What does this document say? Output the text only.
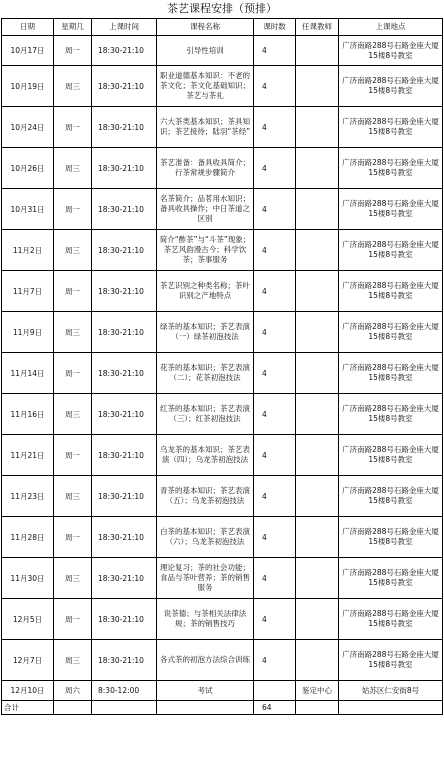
茶艺课程安排（预排）
日期	星期几	上课时间	课程名称	课时数	任课教师	上课地点
10月17日	周一	18:30-21:10	引导性培训	4		广济南路288号石路金座大厦15楼8号教室
10月19日	周三	18:30-21:10	职业道德基本知识：不老的茶文化；茶文化基础知识；茶艺与茶礼	4		广济南路288号石路金座大厦15楼8号教室
10月24日	周一	18:30-21:10	六大茶类基本知识；茶具知识；茶艺接待；陆羽“茶经”	4		广济南路288号石路金座大厦15楼8号教室
10月26日	周三	18:30-21:10	茶艺准备：备具收具简介；行茶常规步骤简介	4		广济南路288号石路金座大厦15楼8号教室
10月31日	周一	18:30-21:10	名茶简介；品茗用水知识；备具收具操作；中日茶道之区别	4		广济南路288号石路金座大厦15楼8号教室
11月2日	周三	18:30-21:10	简介“酢茶”与“斗茶”现象；茶艺风韵漫古今；科学饮茶；茶事服务	4		广济南路288号石路金座大厦15楼8号教室
11月7日	周一	18:30-21:10	茶艺识别之种类名称；茶叶识别之产地特点	4		广济南路288号石路金座大厦15楼8号教室
11月9日	周三	18:30-21:10	绿茶的基本知识；茶艺表演（一）绿茶初泡技法	4		广济南路288号石路金座大厦15楼8号教室
11月14日	周一	18:30-21:10	花茶的基本知识；茶艺表演（二）；花茶初泡技法	4		广济南路288号石路金座大厦15楼8号教室
11月16日	周三	18:30-21:10	红茶的基本知识；茶艺表演（三）；红茶初泡技法	4		广济南路288号石路金座大厦15楼8号教室
11月21日	周一	18:30-21:10	乌龙茶的基本知识；茶艺表演（四）；乌龙茶初泡技法	4		广济南路288号石路金座大厦15楼8号教室
11月23日	周三	18:30-21:10	青茶的基本知识；茶艺表演（五）；乌龙茶初泡技法	4		广济南路288号石路金座大厦15楼8号教室
11月28日	周一	18:30-21:10	白茶的基本知识；茶艺表演（六）；乌龙茶初泡技法	4		广济南路288号石路金座大厦15楼8号教室
11月30日	周三	18:30-21:10	理论复习；茶的社会功能；食品与茶叶营养；茶的销售服务	4		广济南路288号石路金座大厦15楼8号教室
12月5日	周一	18:30-21:10	说茶德；与茶相关法律法规；茶的销售技巧	4		广济南路288号石路金座大厦15楼8号教室
12月7日	周三	18:30-21:10	各式茶的初泡方法综合训练	4		广济南路288号石路金座大厦15楼8号教室
12月10日	周六	8:30-12:00	考试		鉴定中心	姑苏区仁安街8号
合计				64		
